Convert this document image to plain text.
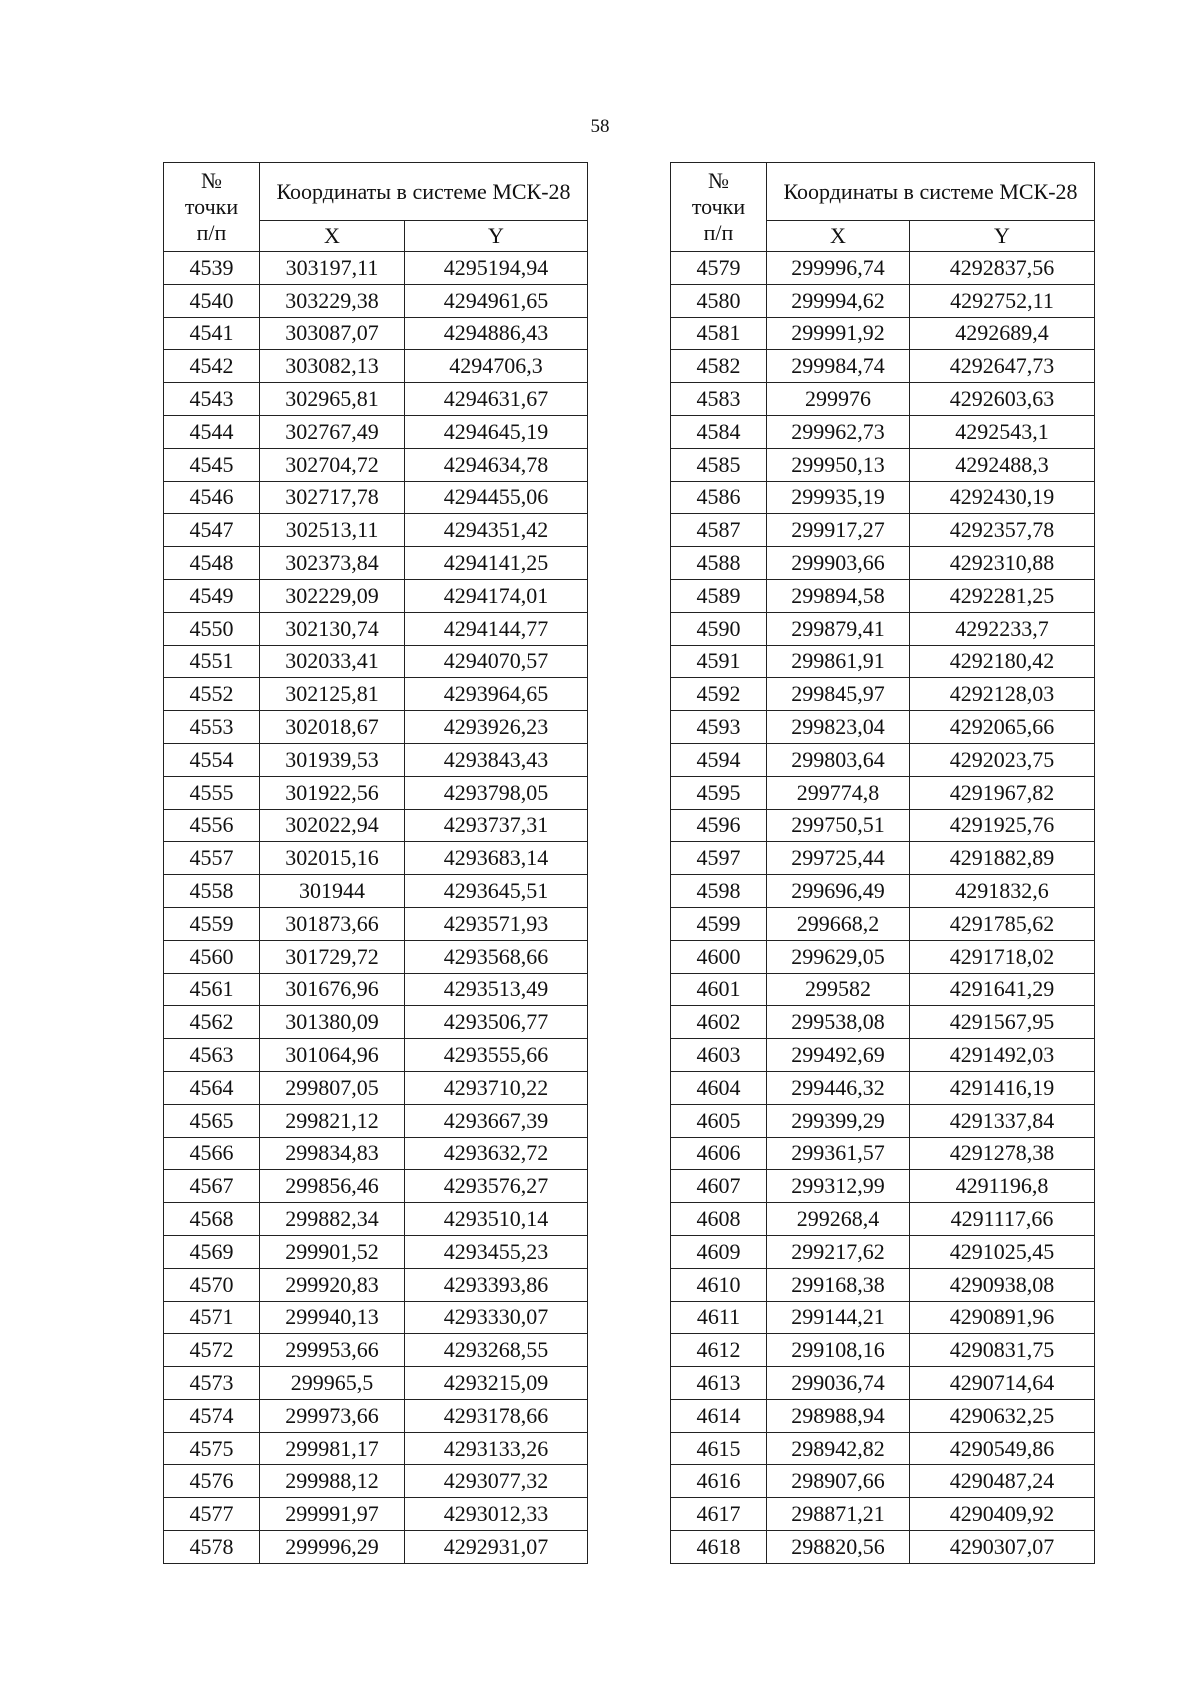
58
№
точки
п/п	Координаты в системе МСК-28	
	X	Y
4539	303197,11	4295194,94
4540	303229,38	4294961,65
4541	303087,07	4294886,43
4542	303082,13	4294706,3
4543	302965,81	4294631,67
4544	302767,49	4294645,19
4545	302704,72	4294634,78
4546	302717,78	4294455,06
4547	302513,11	4294351,42
4548	302373,84	4294141,25
4549	302229,09	4294174,01
4550	302130,74	4294144,77
4551	302033,41	4294070,57
4552	302125,81	4293964,65
4553	302018,67	4293926,23
4554	301939,53	4293843,43
4555	301922,56	4293798,05
4556	302022,94	4293737,31
4557	302015,16	4293683,14
4558	301944	4293645,51
4559	301873,66	4293571,93
4560	301729,72	4293568,66
4561	301676,96	4293513,49
4562	301380,09	4293506,77
4563	301064,96	4293555,66
4564	299807,05	4293710,22
4565	299821,12	4293667,39
4566	299834,83	4293632,72
4567	299856,46	4293576,27
4568	299882,34	4293510,14
4569	299901,52	4293455,23
4570	299920,83	4293393,86
4571	299940,13	4293330,07
4572	299953,66	4293268,55
4573	299965,5	4293215,09
4574	299973,66	4293178,66
4575	299981,17	4293133,26
4576	299988,12	4293077,32
4577	299991,97	4293012,33
4578	299996,29	4292931,07
№
точки
п/п	Координаты в системе МСК-28	
	X	Y
4579	299996,74	4292837,56
4580	299994,62	4292752,11
4581	299991,92	4292689,4
4582	299984,74	4292647,73
4583	299976	4292603,63
4584	299962,73	4292543,1
4585	299950,13	4292488,3
4586	299935,19	4292430,19
4587	299917,27	4292357,78
4588	299903,66	4292310,88
4589	299894,58	4292281,25
4590	299879,41	4292233,7
4591	299861,91	4292180,42
4592	299845,97	4292128,03
4593	299823,04	4292065,66
4594	299803,64	4292023,75
4595	299774,8	4291967,82
4596	299750,51	4291925,76
4597	299725,44	4291882,89
4598	299696,49	4291832,6
4599	299668,2	4291785,62
4600	299629,05	4291718,02
4601	299582	4291641,29
4602	299538,08	4291567,95
4603	299492,69	4291492,03
4604	299446,32	4291416,19
4605	299399,29	4291337,84
4606	299361,57	4291278,38
4607	299312,99	4291196,8
4608	299268,4	4291117,66
4609	299217,62	4291025,45
4610	299168,38	4290938,08
4611	299144,21	4290891,96
4612	299108,16	4290831,75
4613	299036,74	4290714,64
4614	298988,94	4290632,25
4615	298942,82	4290549,86
4616	298907,66	4290487,24
4617	298871,21	4290409,92
4618	298820,56	4290307,07
